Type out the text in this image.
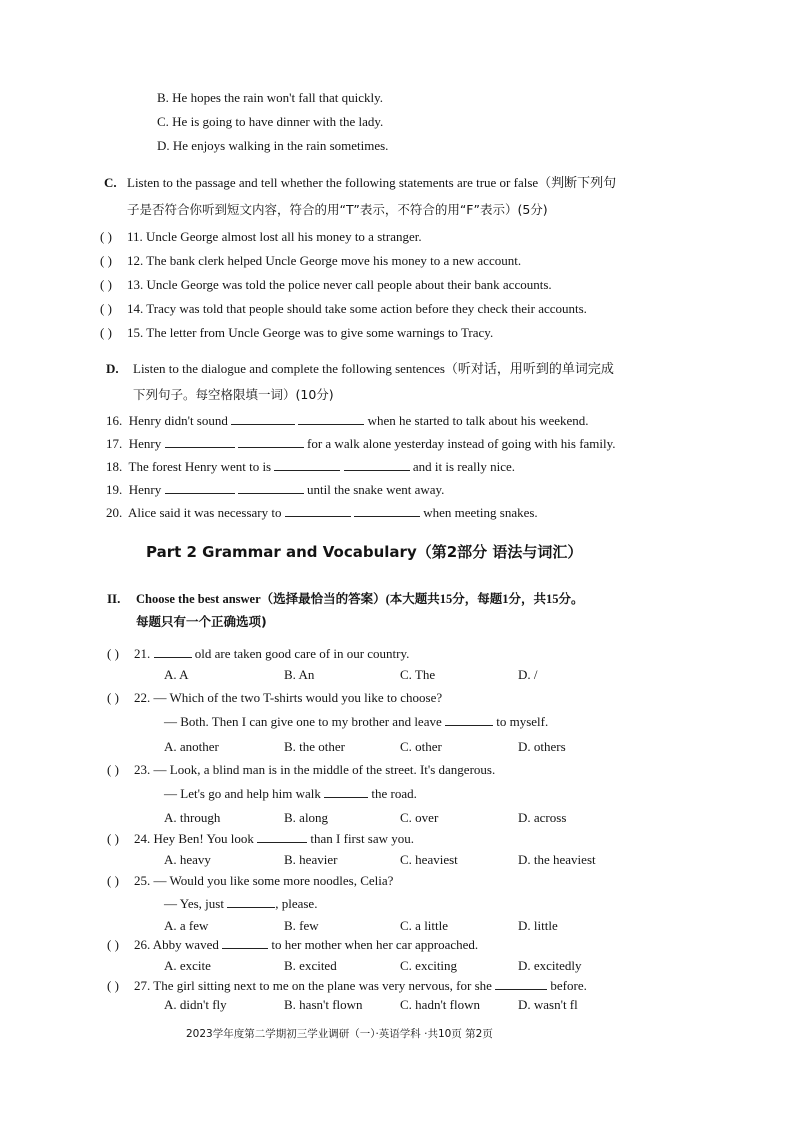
B. He hopes the rain won't fall that quickly.
C. He is going to have dinner with the lady.
D. He enjoys walking in the rain sometimes.
C. Listen to the passage and tell whether the following statements are true or false（判断下列句
子是否符合你听到短文内容，符合的用“T”表示，不符合的用“F”表示）(5分)
( ) 11. Uncle George almost lost all his money to a stranger.
( ) 12. The bank clerk helped Uncle George move his money to a new account.
( ) 13. Uncle George was told the police never call people about their bank accounts.
( ) 14. Tracy was told that people should take some action before they check their accounts.
( ) 15. The letter from Uncle George was to give some warnings to Tracy.
D. Listen to the dialogue and complete the following sentences（听对话，用听到的单词完成
下列句子。每空格限填一词）(10分)
16. Henry didn't sound	when he started to talk about his weekend.
17. Henry	for a walk alone yesterday instead of going with his family.
18. The forest Henry went to is	and it is really nice.
19. Henry	until the snake went away.
20. Alice said it was necessary to	when meeting snakes.
Part 2 Grammar and Vocabulary（第2部分 语法与词汇）
II. Choose the best answer（选择最恰当的答案）(本大题共15分，每题1分，共15分。
每题只有一个正确选项)
( ) 21.	old are taken good care of in our country.
A. A	B. An	C. The	D. /
( ) 22. — Which of the two T-shirts would you like to choose?
— Both. Then I can give one to my brother and leave	to myself.
A. another	B. the other	C. other	D. others
( ) 23. — Look, a blind man is in the middle of the street. It's dangerous.
— Let's go and help him walk	the road.
A. through	B. along	C. over	D. across
( ) 24. Hey Ben! You look	than I first saw you.
A. heavy	B. heavier	C. heaviest	D. the heaviest
( ) 25. — Would you like some more noodles, Celia?
— Yes, just	, please.
A. a few	B. few	C. a little	D. little
( ) 26. Abby waved	to her mother when her car approached.
A. excite	B. excited	C. exciting	D. excitedly
( ) 27. The girl sitting next to me on the plane was very nervous, for she	before.
A. didn't fly	B. hasn't flown	C. hadn't flown	D. wasn't fl
2023学年度第二学期初三学业调研（一）·英语学科 ·共10页 第2页
